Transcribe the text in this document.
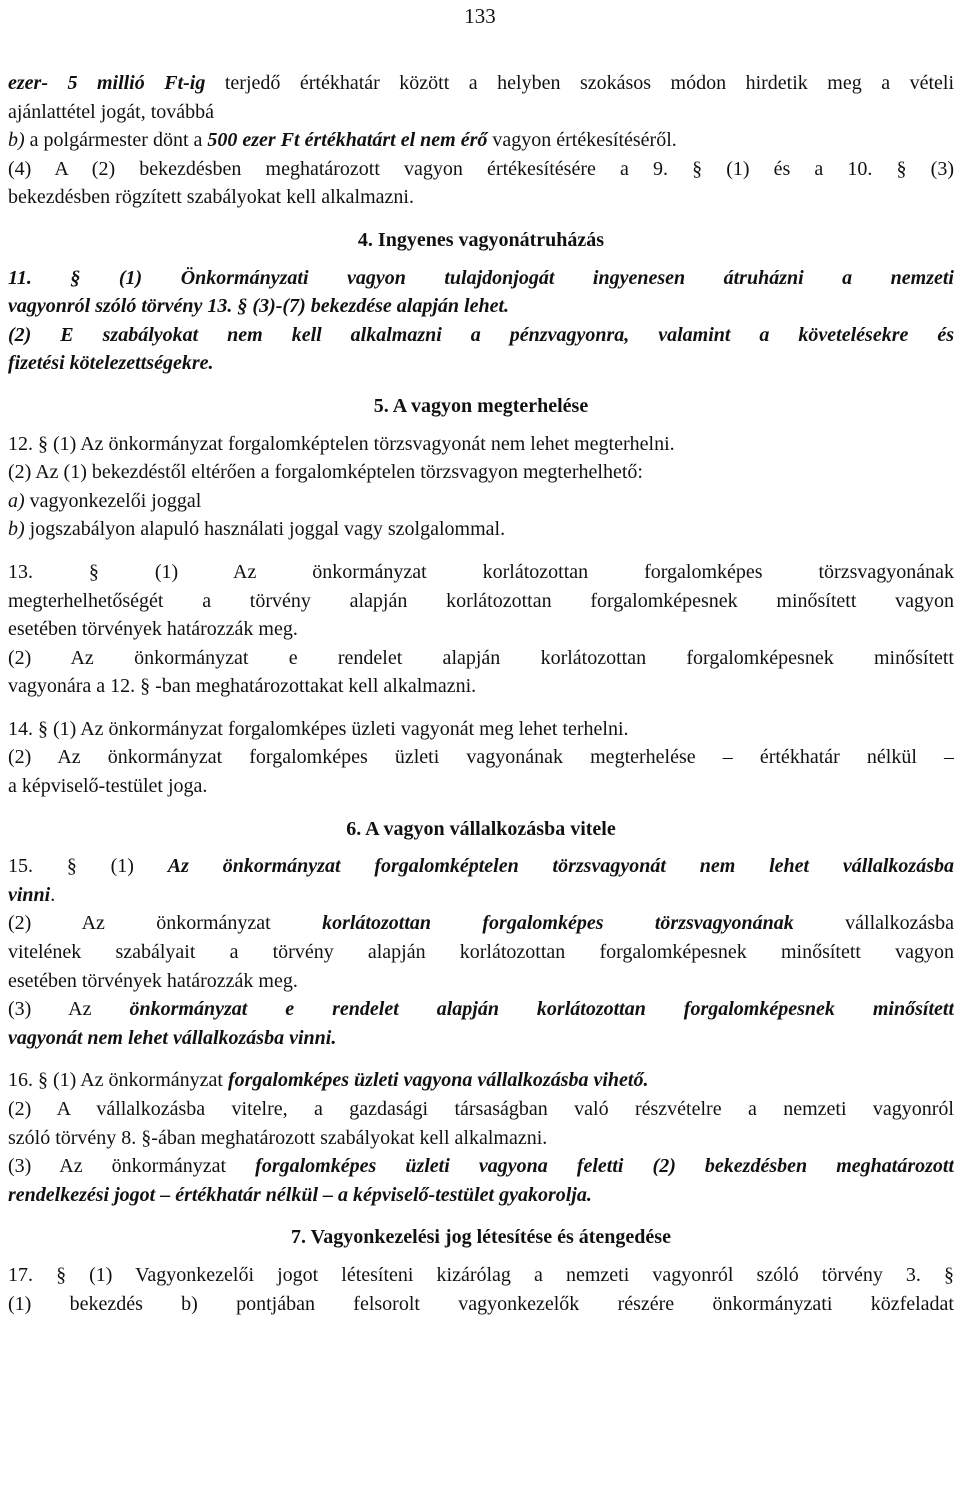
133
ezer- 5 millió Ft-ig terjedő értékhatár között a helyben szokásos módon hirdetik meg a vételi
ajánlattétel jogát, továbbá
b) a polgármester dönt a 500 ezer Ft értékhatárt el nem érő vagyon értékesítéséről.
(4) A (2) bekezdésben meghatározott vagyon értékesítésére a 9. § (1) és a 10. § (3)
bekezdésben rögzített szabályokat kell alkalmazni.
4. Ingyenes vagyonátruházás
11. § (1) Önkormányzati vagyon tulajdonjogát ingyenesen átruházni a nemzeti
vagyonról szóló törvény 13. § (3)-(7) bekezdése alapján lehet.
(2) E szabályokat nem kell alkalmazni a pénzvagyonra, valamint a követelésekre és
fizetési kötelezettségekre.
5. A vagyon megterhelése
12. § (1) Az önkormányzat forgalomképtelen törzsvagyonát nem lehet megterhelni.
(2) Az (1) bekezdéstől eltérően a forgalomképtelen törzsvagyon megterhelhető:
a) vagyonkezelői joggal
b) jogszabályon alapuló használati joggal vagy szolgalommal.
13. § (1) Az önkormányzat korlátozottan forgalomképes törzsvagyonának
megterhelhetőségét a törvény alapján korlátozottan forgalomképesnek minősített vagyon
esetében törvények határozzák meg.
(2) Az önkormányzat e rendelet alapján korlátozottan forgalomképesnek minősített
vagyonára a 12. § -ban meghatározottakat kell alkalmazni.
14. § (1) Az önkormányzat forgalomképes üzleti vagyonát meg lehet terhelni.
(2) Az önkormányzat forgalomképes üzleti vagyonának megterhelése – értékhatár nélkül –
a képviselő-testület joga.
6. A vagyon vállalkozásba vitele
15. § (1) Az önkormányzat forgalomképtelen törzsvagyonát nem lehet vállalkozásba
vinni.
(2) Az önkormányzat korlátozottan forgalomképes törzsvagyonának vállalkozásba
vitelének szabályait a törvény alapján korlátozottan forgalomképesnek minősített vagyon
esetében törvények határozzák meg.
(3) Az önkormányzat e rendelet alapján korlátozottan forgalomképesnek minősített
vagyonát nem lehet vállalkozásba vinni.
16. § (1) Az önkormányzat forgalomképes üzleti vagyona vállalkozásba vihető.
(2) A vállalkozásba vitelre, a gazdasági társaságban való részvételre a nemzeti vagyonról
szóló törvény 8. §-ában meghatározott szabályokat kell alkalmazni.
(3) Az önkormányzat forgalomképes üzleti vagyona feletti (2) bekezdésben meghatározott
rendelkezési jogot – értékhatár nélkül – a képviselő-testület gyakorolja.
7. Vagyonkezelési jog létesítése és átengedése
17. § (1) Vagyonkezelői jogot létesíteni kizárólag a nemzeti vagyonról szóló törvény 3. §
(1) bekezdés b) pontjában felsorolt vagyonkezelők részére önkormányzati közfeladat
